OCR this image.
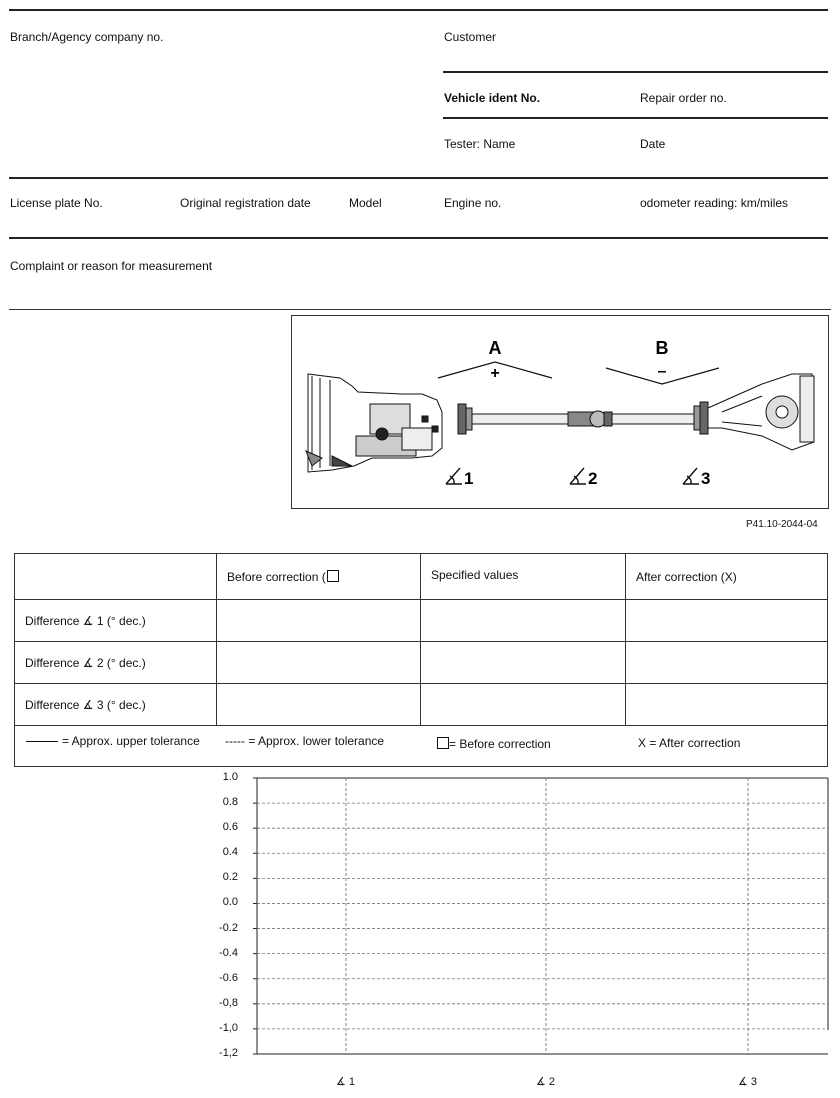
Branch/Agency company no.	Customer
Vehicle ident No.	Repair order no.
Tester: Name	Date
License plate No.	Original registration date	Model	Engine no.	odometer reading: km/miles
Complaint or reason for measurement
A
+
B
–
1	2	3
P41.10-2044-04
	Before correction (	Specified values	After correction (X)
Difference ∡ 1 (° dec.)			
Difference ∡ 2 (° dec.)			
Difference ∡ 3 (° dec.)			
= Approx. upper tolerance ----- = Approx. lower tolerance	= Before correction	X = After correction
1.0
0.8
0.6
0.4
0.2
0.0
-0.2
-0.4
-0.6
-0,8
-1,0
-1,2
∡ 1	∡ 2	∡ 3
